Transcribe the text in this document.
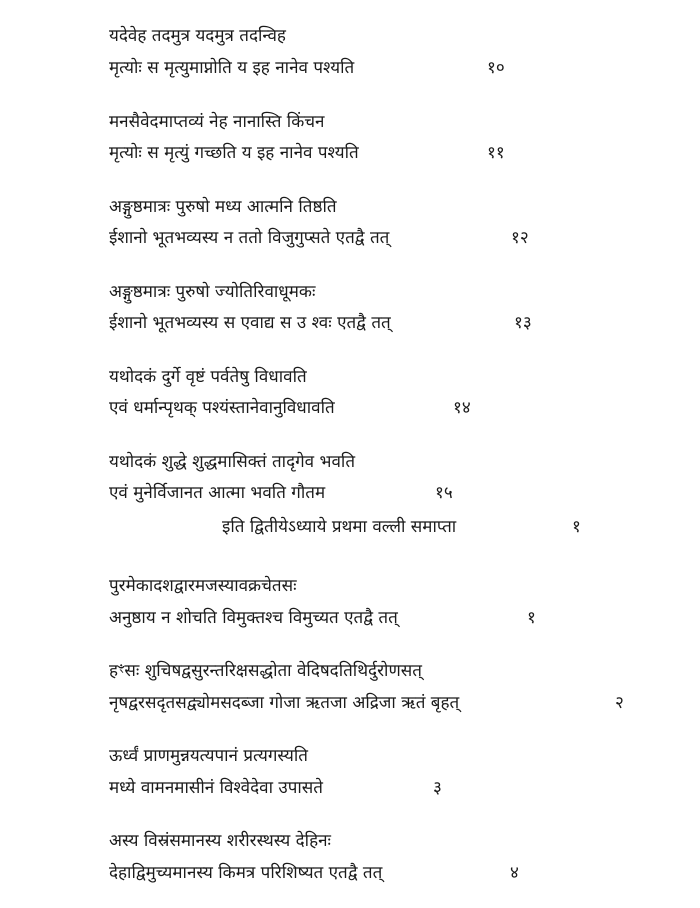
यदेवेह तदमुत्र यदमुत्र तदन्विह
मृत्योः स मृत्युमाप्नोति य इह नानेव पश्यति	१०
मनसैवेदमाप्तव्यं नेह नानास्ति किंचन
मृत्योः स मृत्युं गच्छति य इह नानेव पश्यति	११
अङ्गुष्ठमात्रः पुरुषो मध्य आत्मनि तिष्ठति
ईशानो भूतभव्यस्य न ततो विजुगुप्सते एतद्वै तत्	१२
अङ्गुष्ठमात्रः पुरुषो ज्योतिरिवाधूमकः
ईशानो भूतभव्यस्य स एवाद्य स उ श्वः एतद्वै तत्	१३
यथोदकं दुर्गे वृष्टं पर्वतेषु विधावति
एवं धर्मान्पृथक् पश्यंस्तानेवानुविधावति	१४
यथोदकं शुद्धे शुद्धमासिक्तं तादृगेव भवति
एवं मुनेर्विजानत आत्मा भवति गौतम	१५
इति द्वितीयेऽध्याये प्रथमा वल्ली समाप्ता	१
पुरमेकादशद्वारमजस्यावक्रचेतसः
अनुष्ठाय न शोचति विमुक्तश्च विमुच्यत एतद्वै तत्	१
हꣳसः शुचिषद्वसुरन्तरिक्षसद्धोता वेदिषदतिथिर्दुरोणसत्
नृषद्वरसदृतसद्व्योमसदब्जा गोजा ऋतजा अद्रिजा ऋतं बृहत्	२
ऊर्ध्वं प्राणमुन्नयत्यपानं प्रत्यगस्यति
मध्ये वामनमासीनं विश्वेदेवा उपासते	३
अस्य विस्रंसमानस्य शरीरस्थस्य देहिनः
देहाद्विमुच्यमानस्य किमत्र परिशिष्यत एतद्वै तत्	४
